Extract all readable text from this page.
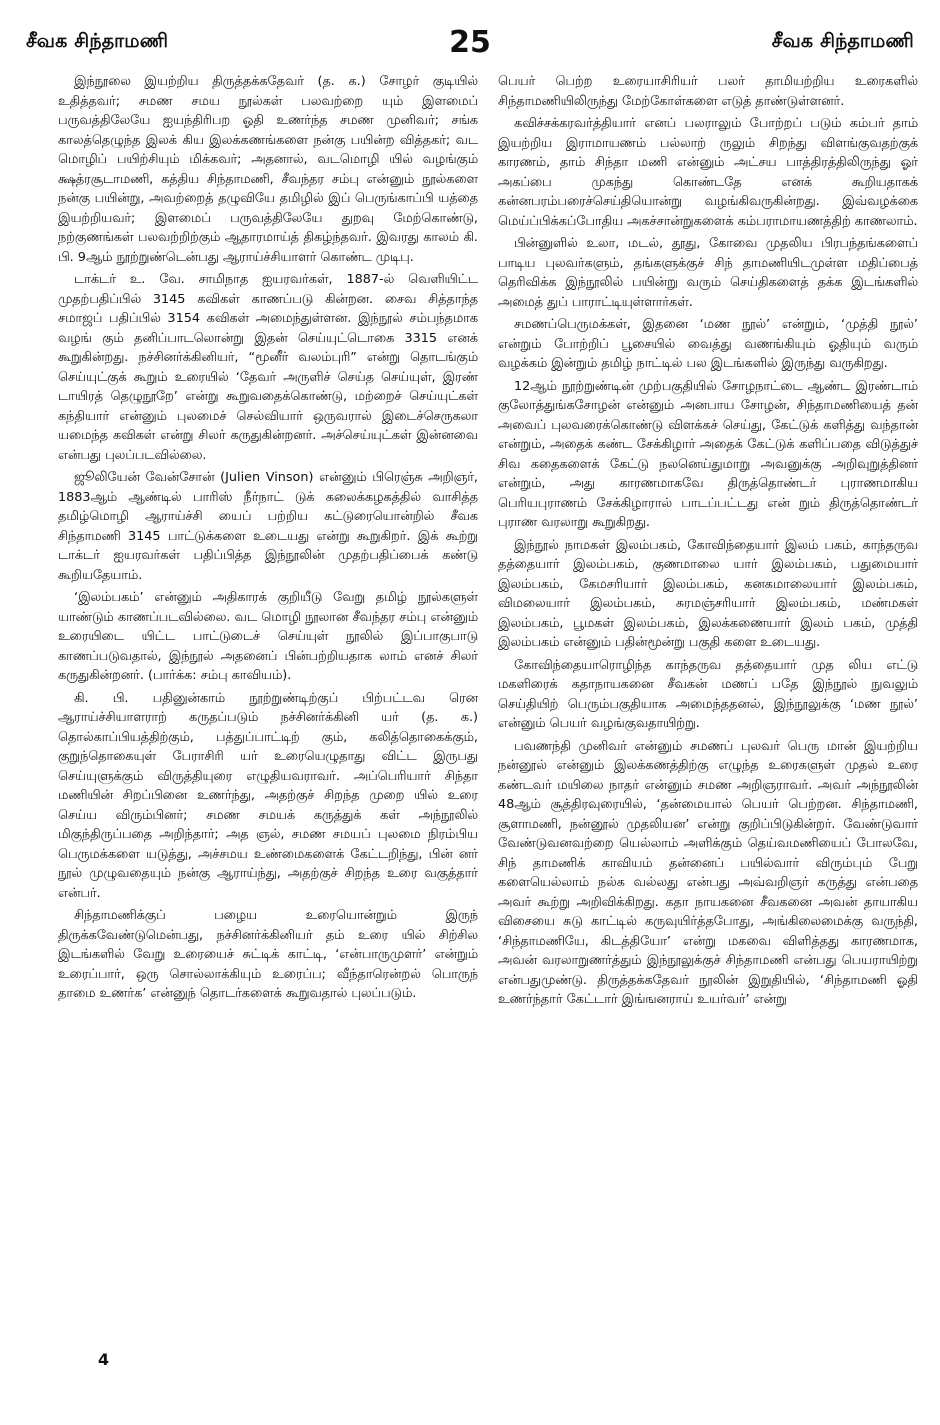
சீவக சிந்தாமணி	25	சீவக சிந்தாமணி

இந்நூலை இயற்றிய திருத்தக்கதேவர் (த. க.) சோழர் குடியில் உதித்தவர்; சமண சமய நூல்கள் பலவற்றை யும் இளமைப் பருவத்திலேயே ஐயந்திரிபற ஓதி உணர்ந்த சமண முனிவர்; சங்க காலத்தெழுந்த இலக் கிய இலக்கணங்களை நன்கு பயின்ற வித்தகர்; வட மொழிப் பயிற்சியும் மிக்கவர்; அதனால், வடமொழி யில் வழங்கும் க்ஷத்ரசூடாமணி, கத்திய சிந்தாமணி, சீவந்தர சம்பு என்னும் நூல்களை நன்கு பயின்று, அவற்றைத் தழுவியே தமிழில் இப் பெருங்காப்பி யத்தை இயற்றியவர்; இளமைப் பருவத்திலேயே துறவு மேற்கொண்டு, நற்குணங்கள் பலவற்றிற்கும் ஆதாரமாய்த் திகழ்ந்தவர். இவரது காலம் கி. பி. 9ஆம் நூற்றுண்டென்பது ஆராய்ச்சியாளர் கொண்ட முடிபு.

டாக்டர் உ. வே. சாமிநாத ஐயரவர்கள், 1887-ல் வெளியிட்ட முதற்பதிப்பில் 3145 கவிகள் காணப்படு கின்றன. சைவ சித்தாந்த சமாஜப் பதிப்பில் 3154 கவிகள் அமைந்துள்ளன. இந்நூல் சம்பந்தமாக வழங் கும் தனிப்பாடலொன்று இதன் செய்யுட்டொகை 3315 எனக் கூறுகின்றது. நச்சினர்க்கினியர், “மூனீர் வலம்புரி” என்று தொடங்கும் செய்யுட்குக் கூறும் உரையில் ‘தேவர் அருளிச் செய்த செய்யுள், இரண் டாயிரத் தெழுநூறே’ என்று கூறுவதைக்கொண்டு, மற்றைச் செய்யுட்கள் கந்தியார் என்னும் புலமைச் செல்வியார் ஒருவரால் இடைச்செருகலா யமைந்த கவிகள் என்று சிலர் கருதுகின்றனர். அச்செய்யுட்கள் இன்னவை என்பது புலப்படவில்லை.

ஜூலியேன் வேன்சோன் (Julien Vinson) என்னும் பிரெஞ்சு அறிஞர், 1883ஆம் ஆண்டில் பாரிஸ் நீர்நாட் டுக் கலைக்கழகத்தில் வாசித்த தமிழ்மொழி ஆராய்ச்சி யைப் பற்றிய கட்டுரையொன்றில் சீவக சிந்தாமணி 3145 பாட்டுக்களை உடையது என்று கூறுகிறர். இக் கூற்று டாக்டர் ஐயரவர்கள் பதிப்பித்த இந்நூலின் முதற்பதிப்பைக் கண்டு கூறியதேயாம்.

‘இலம்பகம்’ என்னும் அதிகாரக் குறியீடு வேறு தமிழ் நூல்களுள் யாண்டும் காணப்படவில்லை. வட மொழி நூலான சீவந்தர சம்பு என்னும் உரையிடை யிட்ட பாட்டுடைச் செய்யுள் நூலில் இப்பாகுபாடு காணப்படுவதால், இந்நூல் அதனைப் பின்பற்றியதாக லாம் எனச் சிலர் கருதுகின்றனர். (பார்க்க: சம்பு காவியம்).

கி. பி. பதினுன்காம் நூற்றுண்டிற்குப் பிற்பட்டவ ரென ஆராய்ச்சியாளராற் கருதப்படும் நச்சினர்க்கினி யர் (த. க.) தொல்காப்பியத்திற்கும், பத்துப்பாட்டிற் கும், கலித்தொகைக்கும், குறுந்தொகையுள் பேராசிரி யர் உரையெழுதாது விட்ட இருபது செய்யுளுக்கும் விருத்தியுரை எழுதியவராவர். அப்பெரியார் சிந்தா மணியின் சிறப்பினை உணர்ந்து, அதற்குச் சிறந்த முறை யில் உரை செய்ய விரும்பினர்; சமண சமயக் கருத்துக் கள் அந்நூலில் மிகுந்திருப்பதை அறிந்தார்; அத ஞல், சமண சமயப் புலமை நிரம்பிய பெருமக்களை யடுத்து, அச்சமய உண்மைகளைக் கேட்டறிந்து, பின் னர் நூல் முழுவதையும் நன்கு ஆராய்ந்து, அதற்குச் சிறந்த உரை வகுத்தார் என்பர்.

சிந்தாமணிக்குப் பழைய உரையொன்றும் இருந் திருக்கவேண்டுமென்பது, நச்சினர்க்கினியர் தம் உரை யில் சிற்சில இடங்களில் வேறு உரையைச் சுட்டிக் காட்டி, ‘என்பாருமுளர்’ என்றும் உரைப்பார், ஒரு சொல்லாக்கியும் உரைப்ப; வீந்தாரென்றல் பொருந் தாமை உணர்க’ என்னுந் தொடர்களைக் கூறுவதால் புலப்படும்.

பெயர் பெற்ற உரையாசிரியர் பலர் தாமியற்றிய உரைகளில் சிந்தாமணியிலிருந்து மேற்கோள்களை எடுத் தாண்டுள்ளனர்.

கவிச்சக்கரவர்த்தியார் எனப் பலராலும் போற்றப் படும் கம்பர் தாம் இயற்றிய இராமாயணம் பல்லாற் ருலும் சிறந்து விளங்குவதற்குக் காரணம், தாம் சிந்தா மணி என்னும் அட்சய பாத்திரத்திலிருந்து ஓர் அகப்பை முகந்து கொண்டதே எனக் கூறியதாகக் கன்னபரம்பரைச்செய்தியொன்று வழங்கிவருகின்றது. இவ்வழக்கை மெய்ப்பிக்கப்போதிய அகச்சான்றுகளைக் கம்பராமாயணத்திற் காணலாம்.

பின்னுளில் உலா, மடல், தூது, கோவை முதலிய பிரபந்தங்களைப் பாடிய புலவர்களும், தங்களுக்குச் சிந் தாமணியிடமுள்ள மதிப்பைத் தெரிவிக்க இந்நூலில் பயின்று வரும் செய்திகளைத் தக்க இடங்களில் அமைத் துப் பாராட்டியுள்ளார்கள்.

சமணப்பெருமக்கள், இதனை ‘மண நூல்’ என்றும், ‘முத்தி நூல்’ என்றும் போற்றிப் பூசையில் வைத்து வணங்கியும் ஓதியும் வரும் வழக்கம் இன்றும் தமிழ் நாட்டில் பல இடங்களில் இருந்து வருகிறது.

12ஆம் நூற்றுண்டின் முற்பகுதியில் சோழநாட்டை ஆண்ட இரண்டாம் குலோத்துங்கசோழன் என்னும் அனபாய சோழன், சிந்தாமணியைத் தன் அவைப் புலவரைக்கொண்டு விளக்கச் செய்து, கேட்டுக் களித்து வந்தான் என்றும், அதைக் கண்ட சேக்கிழார் அதைக் கேட்டுக் களிப்பதை விடுத்துச் சிவ கதைகளைக் கேட்டு நலனெய்துமாறு அவனுக்கு அறிவுறுத்தினர் என்றும், அது காரணமாகவே திருத்தொண்டர் புராணமாகிய பெரியபுராணம் சேக்கிழாரால் பாடப்பட்டது என் றும் திருத்தொண்டர் புராண வரலாறு கூறுகிறது.

இந்நூல் நாமகள் இலம்பகம், கோவிந்தையார் இலம் பகம், காந்தருவ தத்தையார் இலம்பகம், குணமாலை யார் இலம்பகம், பதுமையார் இலம்பகம், கேமசரியார் இலம்பகம், கனகமாலையார் இலம்பகம், விமலையார் இலம்பகம், சுரமஞ்சரியார் இலம்பகம், மண்மகள் இலம்பகம், பூமகள் இலம்பகம், இலக்கணையார் இலம் பகம், முத்தி இலம்பகம் என்னும் பதின்மூன்று பகுதி களை உடையது.

கோவிந்தையாரொழிந்த காந்தருவ தத்தையார் முத லிய எட்டு மகளிரைக் கதாநாயகனை சீவகன் மணப் பதே இந்நூல் நுவலும் செய்தியிற் பெரும்பகுதியாக அமைந்ததனல், இந்நூலுக்கு ‘மண நூல்’ என்னும் பெயர் வழங்குவதாயிற்று.

பவணந்தி முனிவர் என்னும் சமணப் புலவர் பெரு மான் இயற்றிய நன்னூல் என்னும் இலக்கணத்திற்கு எழுந்த உரைகளுள் முதல் உரை கண்டவர் மயிலை நாதர் என்னும் சமண அறிஞராவர். அவர் அந்நூலின் 48ஆம் சூத்திரவுரையில், ‘தன்மையால் பெயர் பெற்றன. சிந்தாமணி, சூளாமணி, நன்னூல் முதலியன’ என்று குறிப்பிடுகின்றர். வேண்டுவார் வேண்டுவனவற்றை யெல்லாம் அளிக்கும் தெய்வமணியைப் போலவே, சிந் தாமணிக் காவியம் தன்னைப் பயில்வார் விரும்பும் பேறு களையெல்லாம் நல்க வல்லது என்பது அவ்வறிஞர் கருத்து என்பதை அவர் கூற்று அறிவிக்கிறது. கதா நாயகனை சீவகனை அவன் தாயாகிய விசையை சுடு காட்டில் கருவுயிர்த்தபோது, அங்கிலைமைக்கு வருந்தி, ‘சிந்தாமணியே, கிடத்தியோ’ என்று மகவை விளித்தது காரணமாக, அவன் வரலாறுணர்த்தும் இந்நூலுக்குச் சிந்தாமணி என்பது பெயராயிற்று என்பதுமுண்டு. திருத்தக்கதேவர் நூலின் இறுதியில், ‘சிந்தாமணி ஓதி உணர்ந்தார் கேட்டார் இங்ஙனராய் உயர்வர்’ என்று

4
